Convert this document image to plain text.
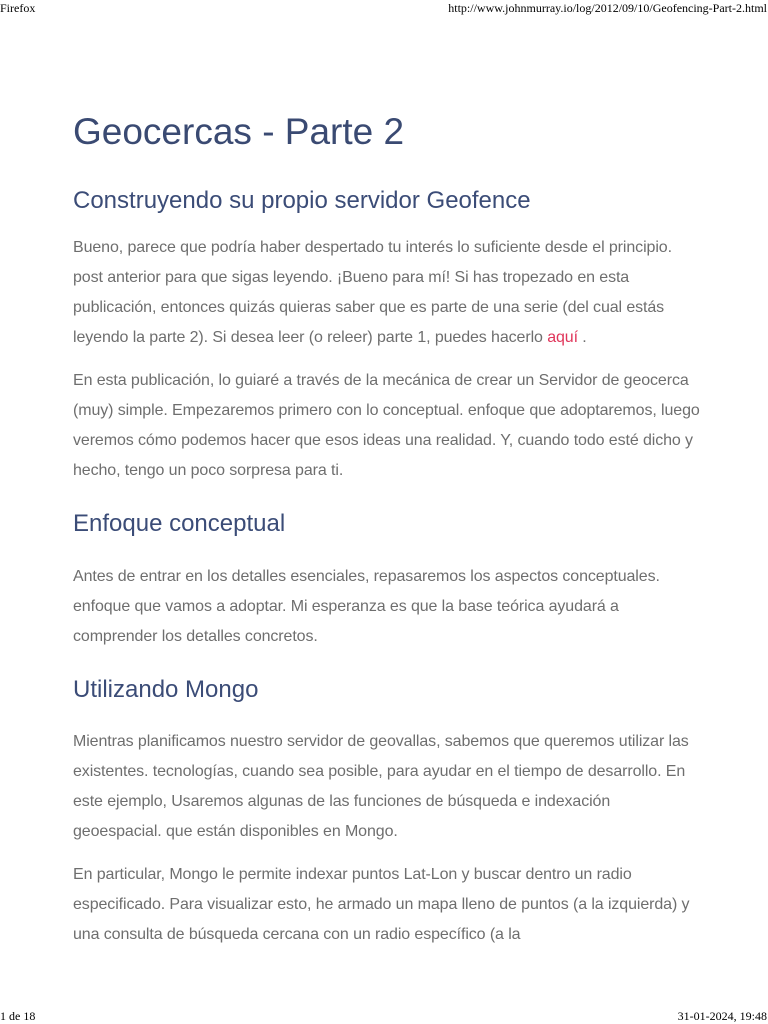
Firefox	http://www.johnmurray.io/log/2012/09/10/Geofencing-Part-2.html
Geocercas - Parte 2
Construyendo su propio servidor Geofence

Bueno, parece que podría haber despertado tu interés lo suficiente desde el principio. post anterior para que sigas leyendo. ¡Bueno para mí! Si has tropezado en esta publicación, entonces quizás quieras saber que es parte de una serie (del cual estás leyendo la parte 2). Si desea leer (o releer) parte 1, puedes hacerlo aquí .

En esta publicación, lo guiaré a través de la mecánica de crear un Servidor de geocerca (muy) simple. Empezaremos primero con lo conceptual. enfoque que adoptaremos, luego veremos cómo podemos hacer que esos ideas una realidad. Y, cuando todo esté dicho y hecho, tengo un poco sorpresa para ti.

Enfoque conceptual

Antes de entrar en los detalles esenciales, repasaremos los aspectos conceptuales. enfoque que vamos a adoptar. Mi esperanza es que la base teórica ayudará a comprender los detalles concretos.

Utilizando Mongo

Mientras planificamos nuestro servidor de geovallas, sabemos que queremos utilizar las existentes. tecnologías, cuando sea posible, para ayudar en el tiempo de desarrollo. En este ejemplo, Usaremos algunas de las funciones de búsqueda e indexación geoespacial. que están disponibles en Mongo.

En particular, Mongo le permite indexar puntos Lat-Lon y buscar dentro un radio especificado. Para visualizar esto, he armado un mapa lleno de puntos (a la izquierda) y una consulta de búsqueda cercana con un radio específico (a la

1 de 18	31-01-2024, 19:48
